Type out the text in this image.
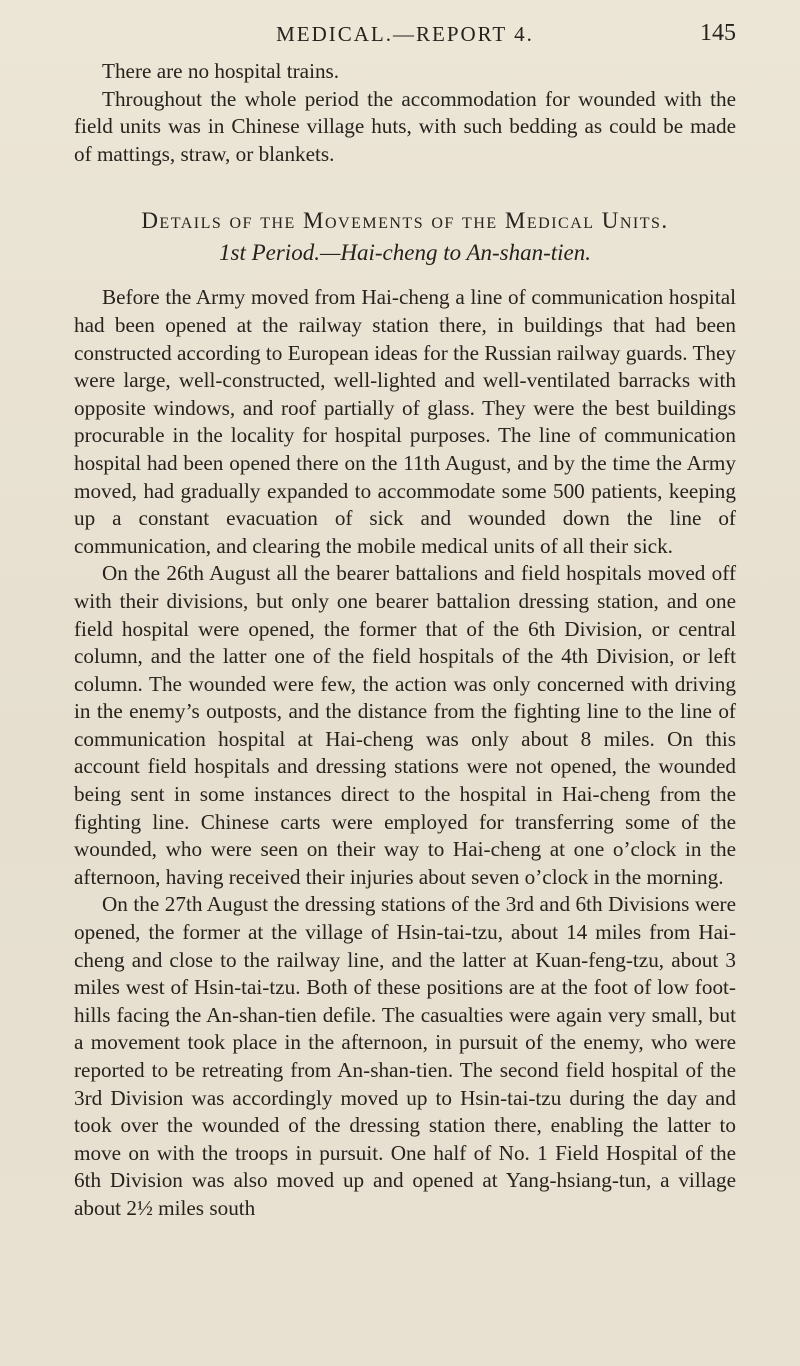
MEDICAL.—REPORT 4.	145

There are no hospital trains.

Throughout the whole period the accommodation for wounded with the field units was in Chinese village huts, with such bedding as could be made of mattings, straw, or blankets.

Details of the Movements of the Medical Units.
1st Period.—Hai-cheng to An-shan-tien.

Before the Army moved from Hai-cheng a line of communication hospital had been opened at the railway station there, in buildings that had been constructed according to European ideas for the Russian railway guards. They were large, well-constructed, well-lighted and well-ventilated barracks with opposite windows, and roof partially of glass. They were the best buildings procurable in the locality for hospital purposes. The line of communication hospital had been opened there on the 11th August, and by the time the Army moved, had gradually expanded to accommodate some 500 patients, keeping up a constant evacuation of sick and wounded down the line of communication, and clearing the mobile medical units of all their sick.

On the 26th August all the bearer battalions and field hospitals moved off with their divisions, but only one bearer battalion dressing station, and one field hospital were opened, the former that of the 6th Division, or central column, and the latter one of the field hospitals of the 4th Division, or left column. The wounded were few, the action was only concerned with driving in the enemy’s outposts, and the distance from the fighting line to the line of communication hospital at Hai-cheng was only about 8 miles. On this account field hospitals and dressing stations were not opened, the wounded being sent in some instances direct to the hospital in Hai-cheng from the fighting line. Chinese carts were employed for transferring some of the wounded, who were seen on their way to Hai-cheng at one o’clock in the afternoon, having received their injuries about seven o’clock in the morning.

On the 27th August the dressing stations of the 3rd and 6th Divisions were opened, the former at the village of Hsin-tai-tzu, about 14 miles from Hai-cheng and close to the railway line, and the latter at Kuan-feng-tzu, about 3 miles west of Hsin-tai-tzu. Both of these positions are at the foot of low foot-hills facing the An-shan-tien defile. The casualties were again very small, but a movement took place in the afternoon, in pursuit of the enemy, who were reported to be retreating from An-shan-tien. The second field hospital of the 3rd Division was accordingly moved up to Hsin-tai-tzu during the day and took over the wounded of the dressing station there, enabling the latter to move on with the troops in pursuit. One half of No. 1 Field Hospital of the 6th Division was also moved up and opened at Yang-hsiang-tun, a village about 2½ miles south
